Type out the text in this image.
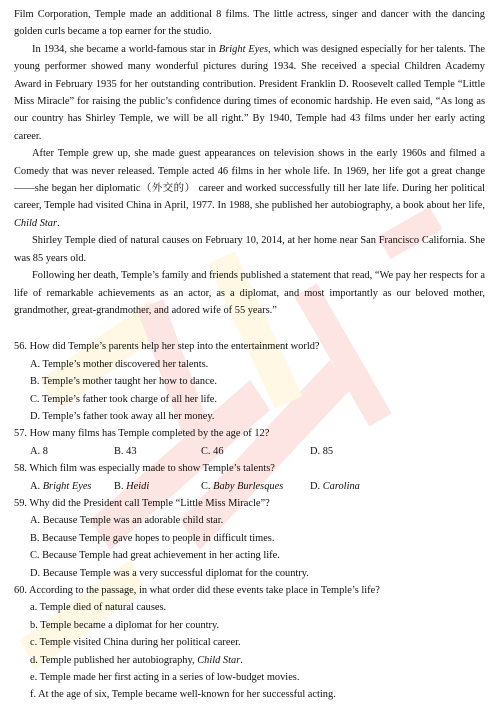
Film Corporation, Temple made an additional 8 films. The little actress, singer and dancer with the dancing golden curls became a top earner for the studio.

In 1934, she became a world-famous star in Bright Eyes, which was designed especially for her talents. The young performer showed many wonderful pictures during 1934. She received a special Children Academy Award in February 1935 for her outstanding contribution. President Franklin D. Roosevelt called Temple “Little Miss Miracle” for raising the public’s confidence during times of economic hardship. He even said, “As long as our country has Shirley Temple, we will be all right.” By 1940, Temple had 43 films under her early acting career.

After Temple grew up, she made guest appearances on television shows in the early 1960s and filmed a Comedy that was never released. Temple acted 46 films in her whole life. In 1969, her life got a great change——she began her diplomatic（外交的） career and worked successfully till her late life. During her political career, Temple had visited China in April, 1977. In 1988, she published her autobiography, a book about her life, Child Star.

Shirley Temple died of natural causes on February 10, 2014, at her home near San Francisco California. She was 85 years old.

Following her death, Temple’s family and friends published a statement that read, “We pay her respects for a life of remarkable achievements as an actor, as a diplomat, and most importantly as our beloved mother, grandmother, great-grandmother, and adored wife of 55 years.”

56. How did Temple’s parents help her step into the entertainment world?

A. Temple’s mother discovered her talents.

B. Temple’s mother taught her how to dance.

C. Temple’s father took charge of all her life.

D. Temple’s father took away all her money.

57. How many films has Temple completed by the age of 12?

A. 8	B. 43	C. 46	D. 85

58. Which film was especially made to show Temple’s talents?

A. Bright Eyes	B. Heidi	C. Baby Burlesques	D. Carolina

59. Why did the President call Temple “Little Miss Miracle”?

A. Because Temple was an adorable child star.

B. Because Temple gave hopes to people in difficult times.

C. Because Temple had great achievement in her acting life.

D. Because Temple was a very successful diplomat for the country.

60. According to the passage, in what order did these events take place in Temple’s life?

a. Temple died of natural causes.

b. Temple became a diplomat for her country.

c. Temple visited China during her political career.

d. Temple published her autobiography, Child Star.

e. Temple made her first acting in a series of low-budget movies.

f. At the age of six, Temple became well-known for her successful acting.
